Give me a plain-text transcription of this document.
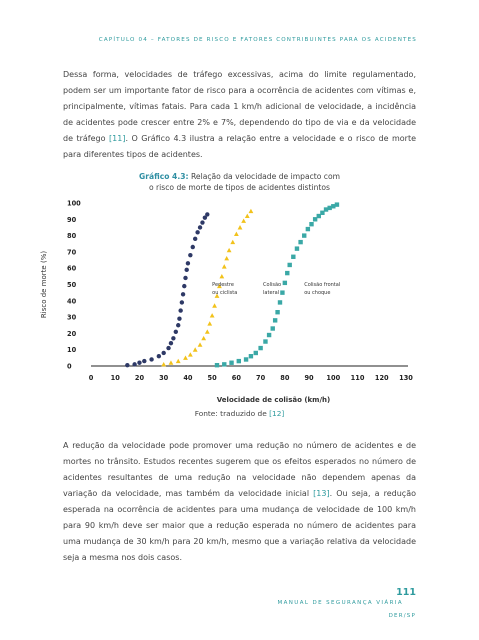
CAPÍTULO 04 – FATORES DE RISCO E FATORES CONTRIBUINTES PARA OS ACIDENTES
Dessa forma, velocidades de tráfego excessivas, acima do limite regulamentado, podem ser um importante fator de risco para a ocorrência de acidentes com vítimas e, principalmente, vítimas fatais. Para cada 1 km/h adicional de velocidade, a incidência de acidentes pode crescer entre 2% e 7%, dependendo do tipo de via e da velocidade de tráfego [11]. O Gráfico 4.3 ilustra a relação entre a velocidade e o risco de morte para diferentes tipos de acidentes.
Gráfico 4.3: Relação da velocidade de impacto com
o risco de morte de tipos de acidentes distintos
0
10
20
30
40
50
60
70
80
90
100
0	10 20 30 40 50 60 70 80 90 100 110 120 130
Risco de morte (%)
Velocidade de colisão (km/h)
Pedestre
ou ciclista
Colisão
lateral
Colisão frontal
ou choque
Fonte: traduzido de [12]
A redução da velocidade pode promover uma redução no número de acidentes e de mortes no trânsito. Estudos recentes sugerem que os efeitos esperados no número de acidentes resultantes de uma redução na velocidade não dependem apenas da variação da velocidade, mas também da velocidade inicial [13]. Ou seja, a redução esperada na ocorrência de acidentes para uma mudança de velocidade de 100 km/h para 90 km/h deve ser maior que a redução esperada no número de acidentes para uma mudança de 30 km/h para 20 km/h, mesmo que a variação relativa da velocidade seja a mesma nos dois casos.
111
MANUAL DE SEGURANÇA VIÁRIA
DER/SP
